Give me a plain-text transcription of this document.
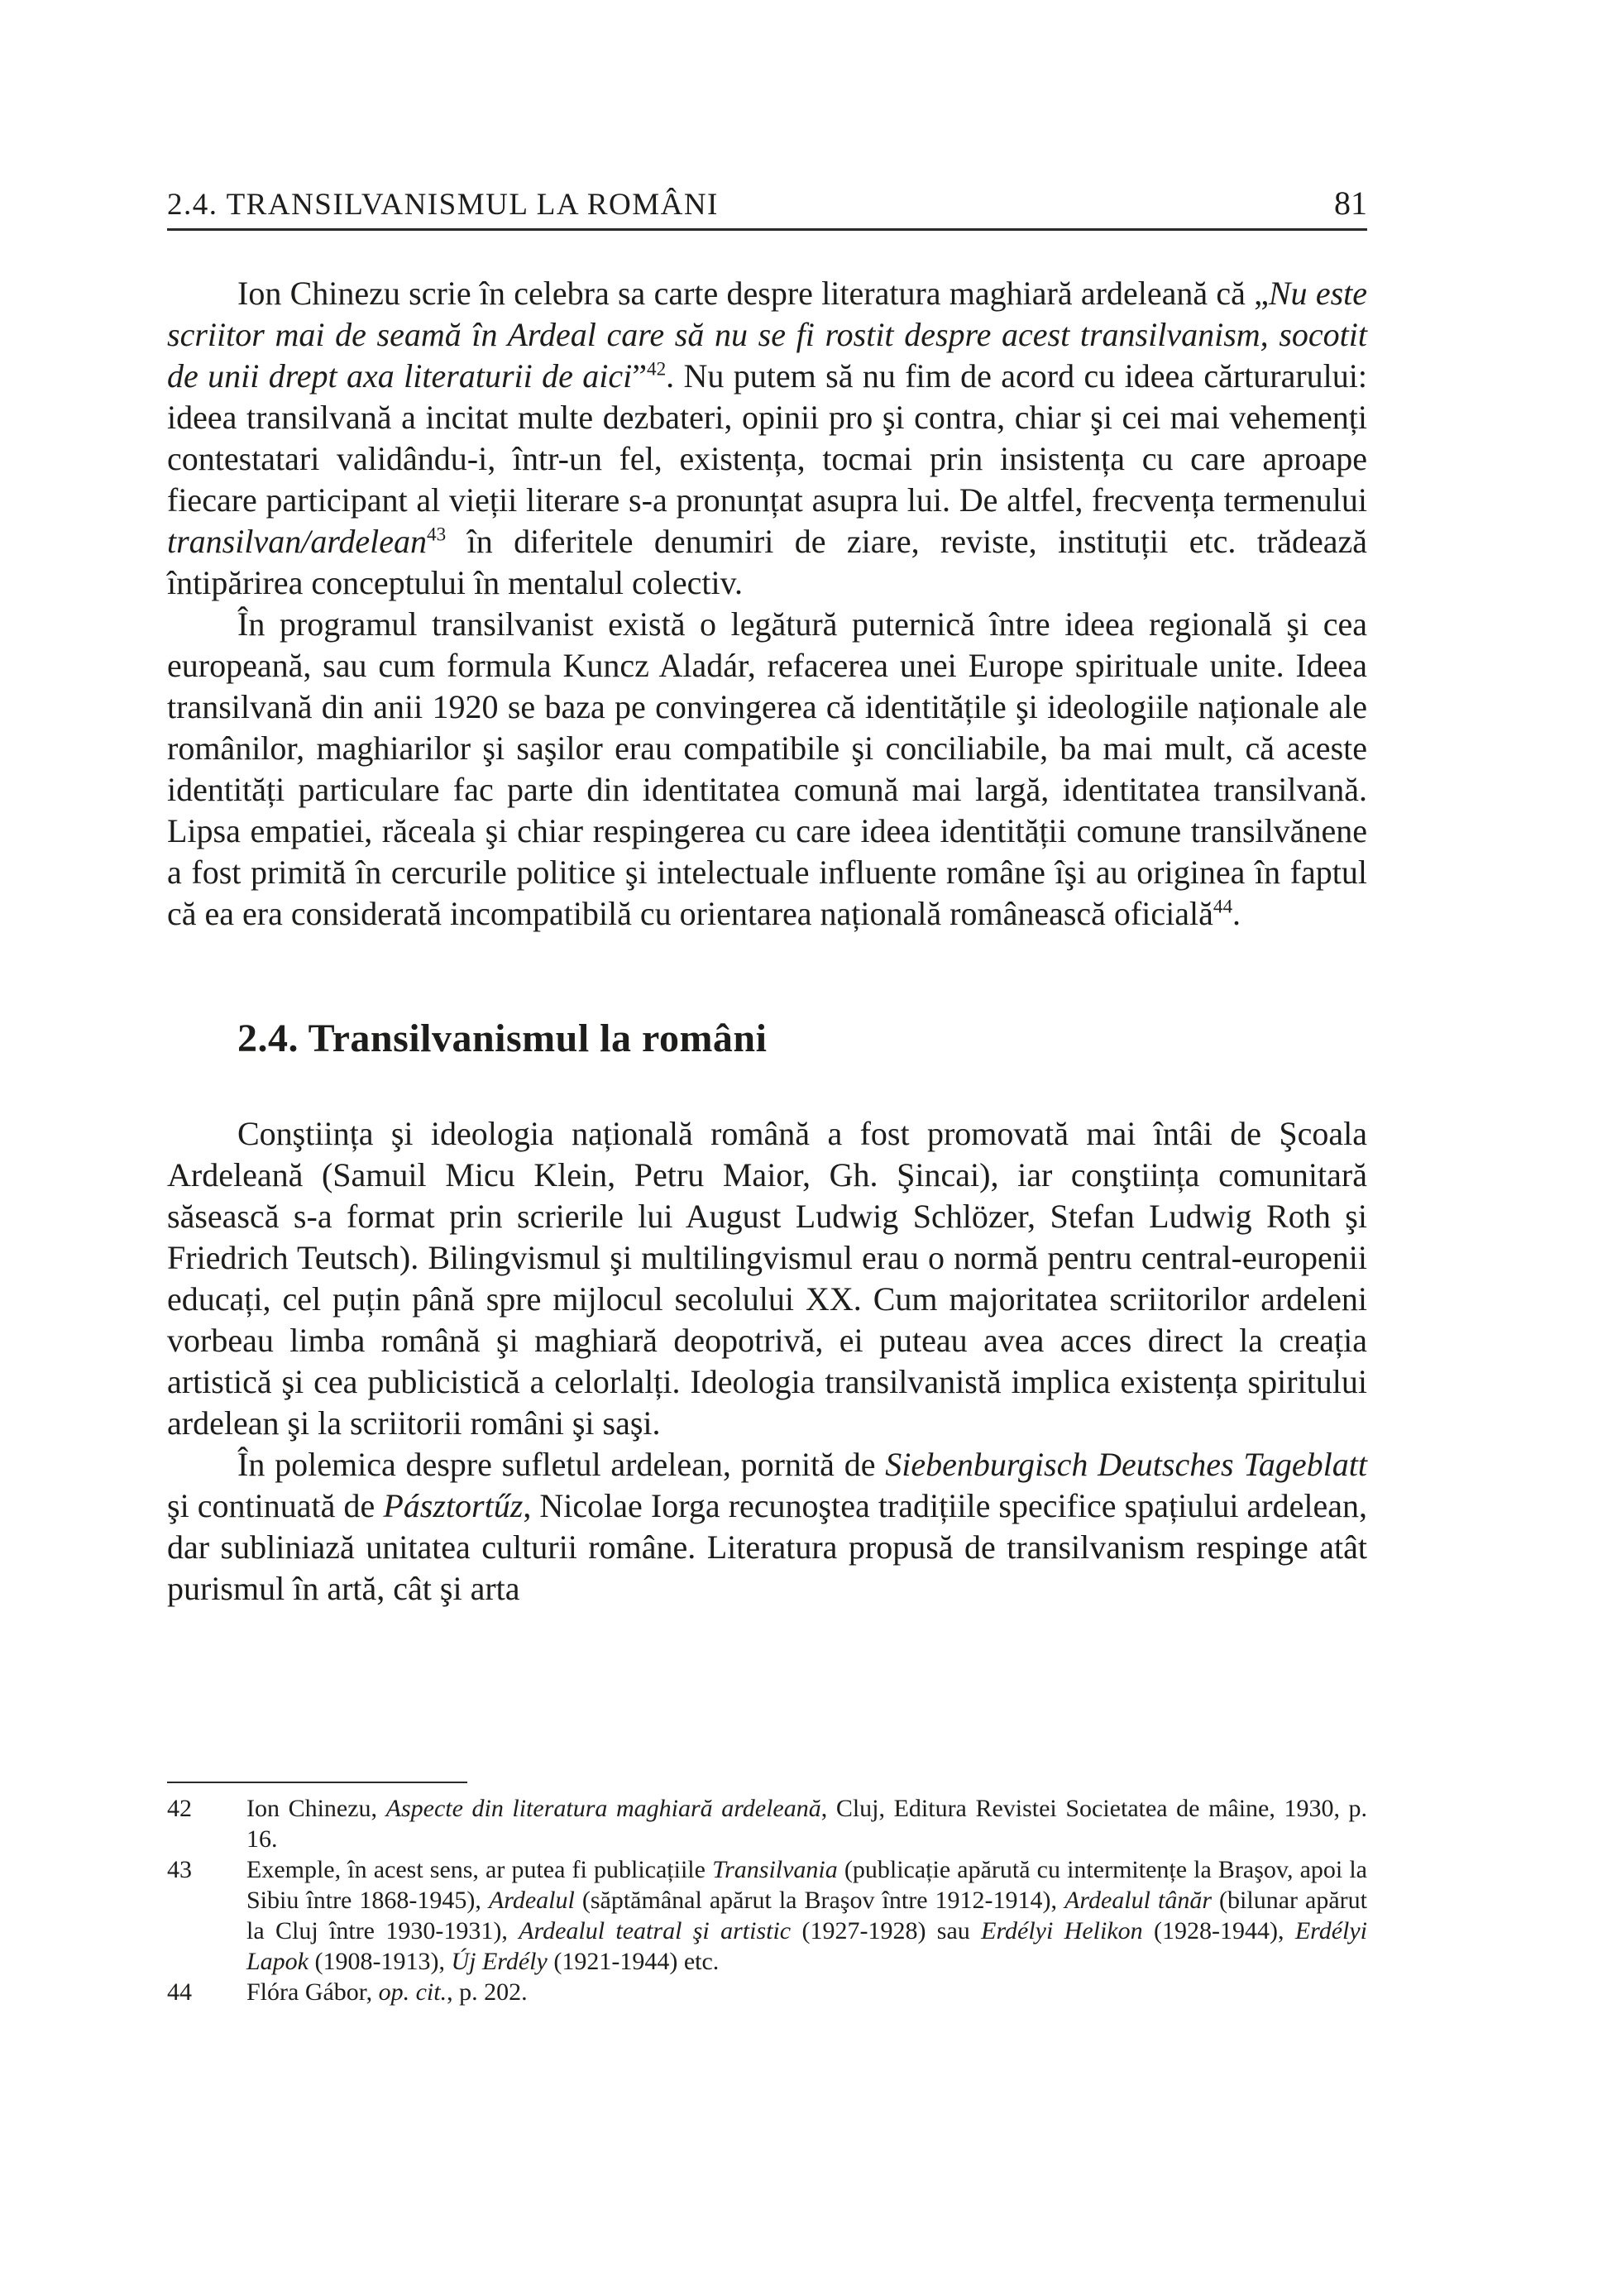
2.4. TRANSILVANISMUL LA ROMÂNI	81

Ion Chinezu scrie în celebra sa carte despre literatura maghiară ardeleană că „Nu este scriitor mai de seamă în Ardeal care să nu se fi rostit despre acest transilvanism, socotit de unii drept axa literaturii de aici”$^{42}$. Nu putem să nu fim de acord cu ideea cărturarului: ideea transilvană a incitat multe dezbateri, opinii pro şi contra, chiar şi cei mai vehemenți contestatari validându-i, într-un fel, existența, tocmai prin insistența cu care aproape fiecare participant al vieții literare s-a pronunțat asupra lui. De altfel, frecvența termenului transilvan/ardelean$^{43}$ în diferitele denumiri de ziare, reviste, instituții etc. trădează întipărirea conceptului în mentalul colectiv.

În programul transilvanist există o legătură puternică între ideea regională şi cea europeană, sau cum formula Kuncz Aladár, refacerea unei Europe spirituale unite. Ideea transilvană din anii 1920 se baza pe convingerea că identitățile şi ideologiile naționale ale românilor, maghiarilor şi saşilor erau compatibile şi conciliabile, ba mai mult, că aceste identități particulare fac parte din identitatea comună mai largă, identitatea transilvană. Lipsa empatiei, răceala şi chiar respingerea cu care ideea identității comune transilvănene a fost primită în cercurile politice şi intelectuale influente române îşi au originea în faptul că ea era considerată incompatibilă cu orientarea națională românească oficială$^{44}$.

2.4. Transilvanismul la români

Conştiința şi ideologia națională română a fost promovată mai întâi de Şcoala Ardeleană (Samuil Micu Klein, Petru Maior, Gh. Şincai), iar conştiința comunitară săsească s-a format prin scrierile lui August Ludwig Schlözer, Stefan Ludwig Roth şi Friedrich Teutsch). Bilingvismul şi multilingvismul erau o normă pentru central-europenii educați, cel puțin până spre mijlocul secolului XX. Cum majoritatea scriitorilor ardeleni vorbeau limba română şi maghiară deopotrivă, ei puteau avea acces direct la creația artistică şi cea publicistică a celorlalți. Ideologia transilvanistă implica existența spiritului ardelean şi la scriitorii români şi saşi.

În polemica despre sufletul ardelean, pornită de Siebenburgisch Deutsches Tageblatt şi continuată de Pásztortűz, Nicolae Iorga recunoştea tradițiile specifice spațiului ardelean, dar subliniază unitatea culturii române. Literatura propusă de transilvanism respinge atât purismul în artă, cât şi arta

42	Ion Chinezu, Aspecte din literatura maghiară ardeleană, Cluj, Editura Revistei Societatea de mâine, 1930, p. 16.
43	Exemple, în acest sens, ar putea fi publicațiile Transilvania (publicație apărută cu intermitențe la Braşov, apoi la Sibiu între 1868-1945), Ardealul (săptămânal apărut la Braşov între 1912-1914), Ardealul tânăr (bilunar apărut la Cluj între 1930-1931), Ardealul teatral şi artistic (1927-1928) sau Erdélyi Helikon (1928-1944), Erdélyi Lapok (1908-1913), Új Erdély (1921-1944) etc.
44	Flóra Gábor, op. cit., p. 202.
